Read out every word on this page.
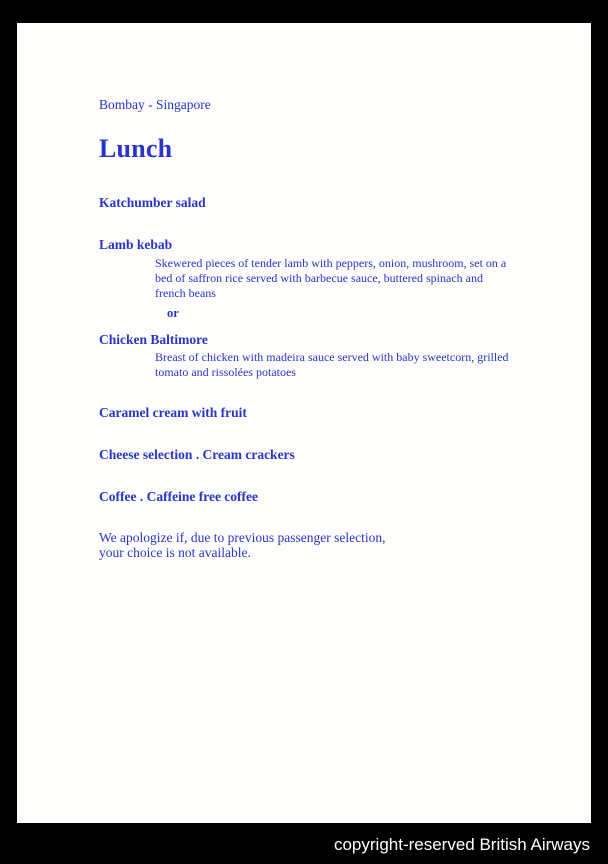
Bombay - Singapore

Lunch

Katchumber salad

Lamb kebab

Skewered pieces of tender lamb with peppers, onion, mushroom, set on a bed of saffron rice served with barbecue sauce, buttered spinach and french beans

or

Chicken Baltimore

Breast of chicken with madeira sauce served with baby sweetcorn, grilled tomato and rissolées potatoes

Caramel cream with fruit

Cheese selection . Cream crackers

Coffee . Caffeine free coffee

We apologize if, due to previous passenger selection,
your choice is not available.
copyright-reserved British Airways
